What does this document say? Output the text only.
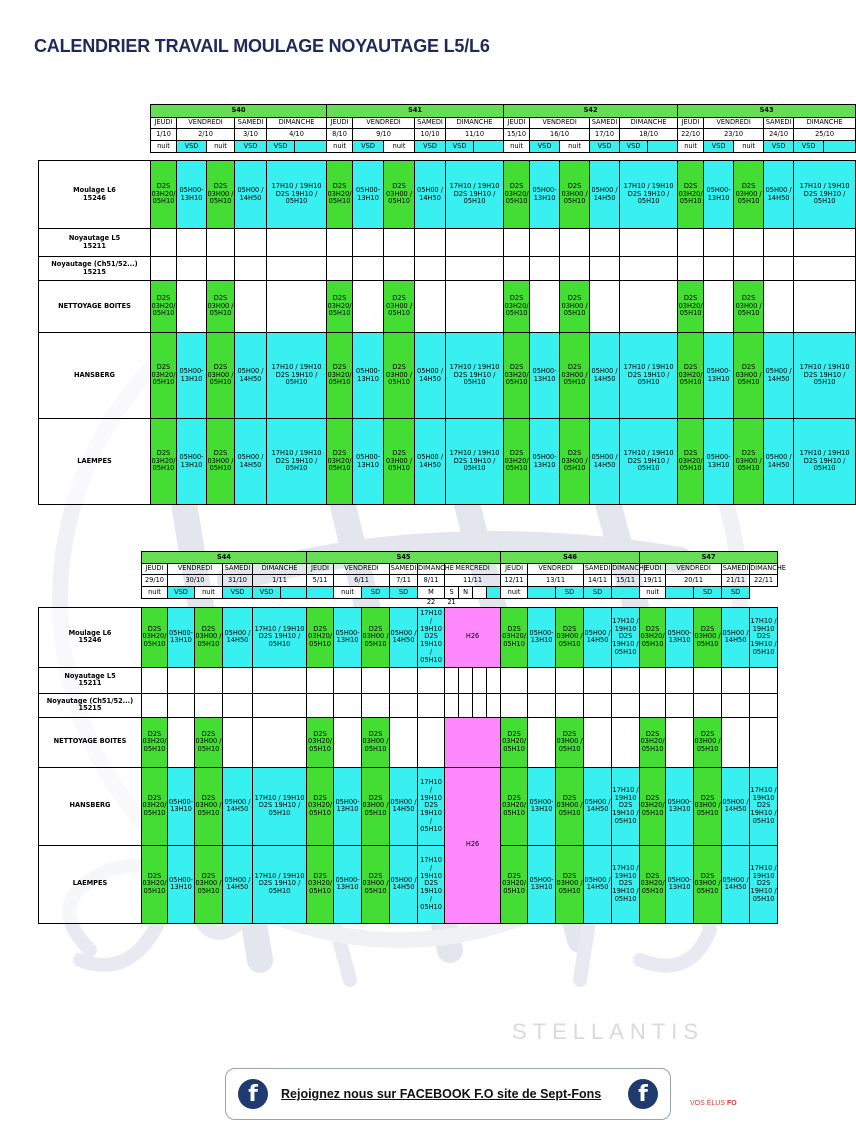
CALENDRIER TRAVAIL MOULAGE NOYAUTAGE L5/L6
STELLANTIS
	S40						S41						S42						S43					
	JEUDI	VENDREDI		SAMEDI	DIMANCHE		JEUDI	VENDREDI		SAMEDI	DIMANCHE		JEUDI	VENDREDI		SAMEDI	DIMANCHE		JEUDI	VENDREDI		SAMEDI	DIMANCHE	
	1/10	2/10		3/10	4/10		8/10	9/10		10/10	11/10		15/10	16/10		17/10	18/10		22/10	23/10		24/10	25/10	
	nuit	VSD	nuit	VSD	VSD		nuit	VSD	nuit	VSD	VSD		nuit	VSD	nuit	VSD	VSD		nuit	VSD	nuit	VSD	VSD	

Moulage L6
15246	D2S 03H20/ 05H10	05H00- 13H10	D2S 03H00 / 05H10	05H00 / 14H50	17H10 / 19H10 D2S 19H10 / 05H10		D2S 03H20/ 05H10	05H00- 13H10	D2S 03H00 / 05H10	05H00 / 14H50	17H10 / 19H10 D2S 19H10 / 05H10		D2S 03H20/ 05H10	05H00- 13H10	D2S 03H00 / 05H10	05H00 / 14H50	17H10 / 19H10 D2S 19H10 / 05H10		D2S 03H20/ 05H10	05H00- 13H10	D2S 03H00 / 05H10	05H00 / 14H50	17H10 / 19H10 D2S 19H10 / 05H10	
Noyautage L5
15211																								
Noyautage (Ch51/52...)
15215																								
NETTOYAGE BOITES	D2S 03H20/ 05H10		D2S 03H00 / 05H10				D2S 03H20/ 05H10		D2S 03H00 / 05H10				D2S 03H20/ 05H10		D2S 03H00 / 05H10				D2S 03H20/ 05H10		D2S 03H00 / 05H10			
HANSBERG	D2S 03H20/ 05H10	05H00- 13H10	D2S 03H00 / 05H10	05H00 / 14H50	17H10 / 19H10 D2S 19H10 / 05H10		D2S 03H20/ 05H10	05H00- 13H10	D2S 03H00 / 05H10	05H00 / 14H50	17H10 / 19H10 D2S 19H10 / 05H10		D2S 03H20/ 05H10	05H00- 13H10	D2S 03H00 / 05H10	05H00 / 14H50	17H10 / 19H10 D2S 19H10 / 05H10		D2S 03H20/ 05H10	05H00- 13H10	D2S 03H00 / 05H10	05H00 / 14H50	17H10 / 19H10 D2S 19H10 / 05H10	
LAEMPES	D2S 03H20/ 05H10	05H00- 13H10	D2S 03H00 / 05H10	05H00 / 14H50	17H10 / 19H10 D2S 19H10 / 05H10		D2S 03H20/ 05H10	05H00- 13H10	D2S 03H00 / 05H10	05H00 / 14H50	17H10 / 19H10 D2S 19H10 / 05H10		D2S 03H20/ 05H10	05H00- 13H10	D2S 03H00 / 05H10	05H00 / 14H50	17H10 / 19H10 D2S 19H10 / 05H10		D2S 03H20/ 05H10	05H00- 13H10	D2S 03H00 / 05H10	05H00 / 14H50	17H10 / 19H10 D2S 19H10 / 05H10	
	S44						S45									S46					S47				
	JEUDI	VENDREDI		SAMEDI	DIMANCHE		JEUDI	VENDREDI		SAMEDI	DIMANCHE	MERCREDI				JEUDI	VENDREDI		SAMEDI	DIMANCHE	JEUDI	VENDREDI		SAMEDI	DIMANCHE
	29/10	30/10		31/10	1/11		5/11	6/11		7/11	8/11	11/11				12/11	13/11		14/11	15/11	19/11	20/11		21/11	22/11
	nuit	VSD	nuit	VSD	VSD			nuit	SD	SD	M	S	N			nuit		SD	SD		nuit		SD	SD	
											22	21													
Moulage L6
15246	D2S 03H20/ 05H10	05H00- 13H10	D2S 03H00 / 05H10	05H00 / 14H50	17H10 / 19H10 D2S 19H10 / 05H10		D2S 03H20/ 05H10	05H00- 13H10	D2S 03H00 / 05H10	05H00 / 14H50	17H10 / 19H10 D2S 19H10 / 05H10	H26				D2S 03H20/ 05H10	05H00- 13H10	D2S 03H00 / 05H10	05H00 / 14H50	17H10 / 19H10 D2S 19H10 / 05H10	D2S 03H20/ 05H10	05H00- 13H10	D2S 03H00 / 05H10	05H00 / 14H50	17H10 / 19H10 D2S 19H10 / 05H10
Noyautage L5
15211																									
Noyautage (Ch51/52...)
15215																									
NETTOYAGE BOITES	D2S 03H20/ 05H10		D2S 03H00 / 05H10				D2S 03H20/ 05H10		D2S 03H00 / 05H10							D2S 03H20/ 05H10		D2S 03H00 / 05H10			D2S 03H20/ 05H10		D2S 03H00 / 05H10		
HANSBERG	D2S 03H20/ 05H10	05H00- 13H10	D2S 03H00 / 05H10	05H00 / 14H50	17H10 / 19H10 D2S 19H10 / 05H10		D2S 03H20/ 05H10	05H00- 13H10	D2S 03H00 / 05H10	05H00 / 14H50	17H10 / 19H10 D2S 19H10 / 05H10	H26				D2S 03H20/ 05H10	05H00- 13H10	D2S 03H00 / 05H10	05H00 / 14H50	17H10 / 19H10 D2S 19H10 / 05H10	D2S 03H20/ 05H10	05H00- 13H10	D2S 03H00 / 05H10	05H00 / 14H50	17H10 / 19H10 D2S 19H10 / 05H10
LAEMPES	D2S 03H20/ 05H10	05H00- 13H10	D2S 03H00 / 05H10	05H00 / 14H50	17H10 / 19H10 D2S 19H10 / 05H10		D2S 03H20/ 05H10	05H00- 13H10	D2S 03H00 / 05H10	05H00 / 14H50	17H10 / 19H10 D2S 19H10 / 05H10					D2S 03H20/ 05H10	05H00- 13H10	D2S 03H00 / 05H10	05H00 / 14H50	17H10 / 19H10 D2S 19H10 / 05H10	D2S 03H20/ 05H10	05H00- 13H10	D2S 03H00 / 05H10	05H00 / 14H50	17H10 / 19H10 D2S 19H10 / 05H10
f	Rejoignez nous sur FACEBOOK F.O site de Sept-Fons	f	VOS ÉLUS FO
